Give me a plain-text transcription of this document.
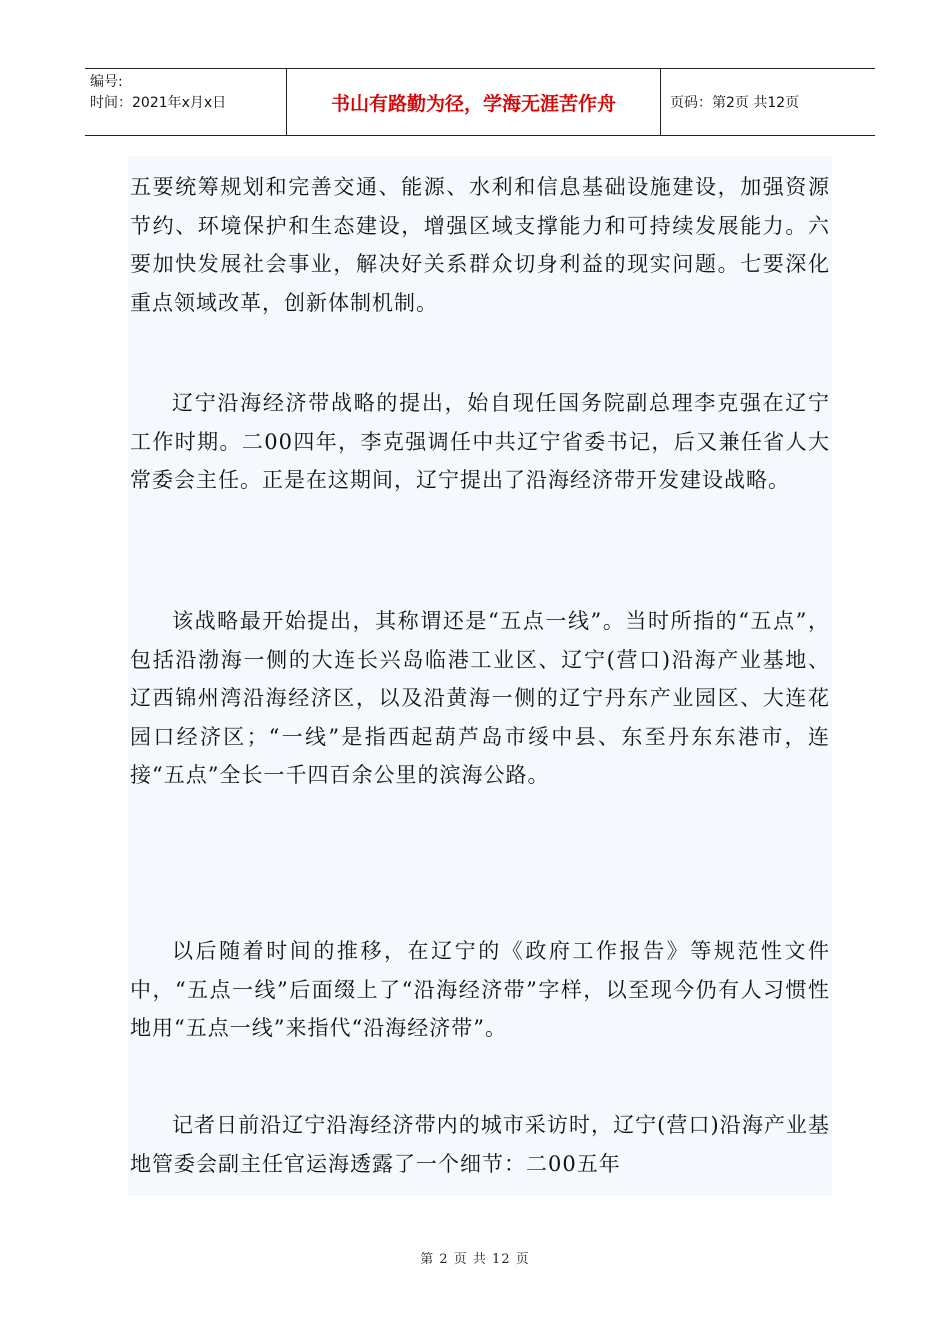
编号:
时间：2021年x月x日	书山有路勤为径，学海无涯苦作舟	页码：第2页 共12页

五要统筹规划和完善交通、能源、水利和信息基础设施建设，加强资源节约、环境保护和生态建设，增强区域支撑能力和可持续发展能力。六要加快发展社会事业，解决好关系群众切身利益的现实问题。七要深化重点领域改革，创新体制机制。

辽宁沿海经济带战略的提出，始自现任国务院副总理李克强在辽宁工作时期。二00四年，李克强调任中共辽宁省委书记，后又兼任省人大常委会主任。正是在这期间，辽宁提出了沿海经济带开发建设战略。

该战略最开始提出，其称谓还是“五点一线”。当时所指的“五点”，包括沿渤海一侧的大连长兴岛临港工业区、辽宁(营口)沿海产业基地、辽西锦州湾沿海经济区，以及沿黄海一侧的辽宁丹东产业园区、大连花园口经济区；“一线”是指西起葫芦岛市绥中县、东至丹东东港市，连接“五点”全长一千四百余公里的滨海公路。

以后随着时间的推移，在辽宁的《政府工作报告》等规范性文件中，“五点一线”后面缀上了“沿海经济带”字样，以至现今仍有人习惯性地用“五点一线”来指代“沿海经济带”。

记者日前沿辽宁沿海经济带内的城市采访时，辽宁(营口)沿海产业基地管委会副主任官运海透露了一个细节：二00五年

第 2 页 共 12 页
